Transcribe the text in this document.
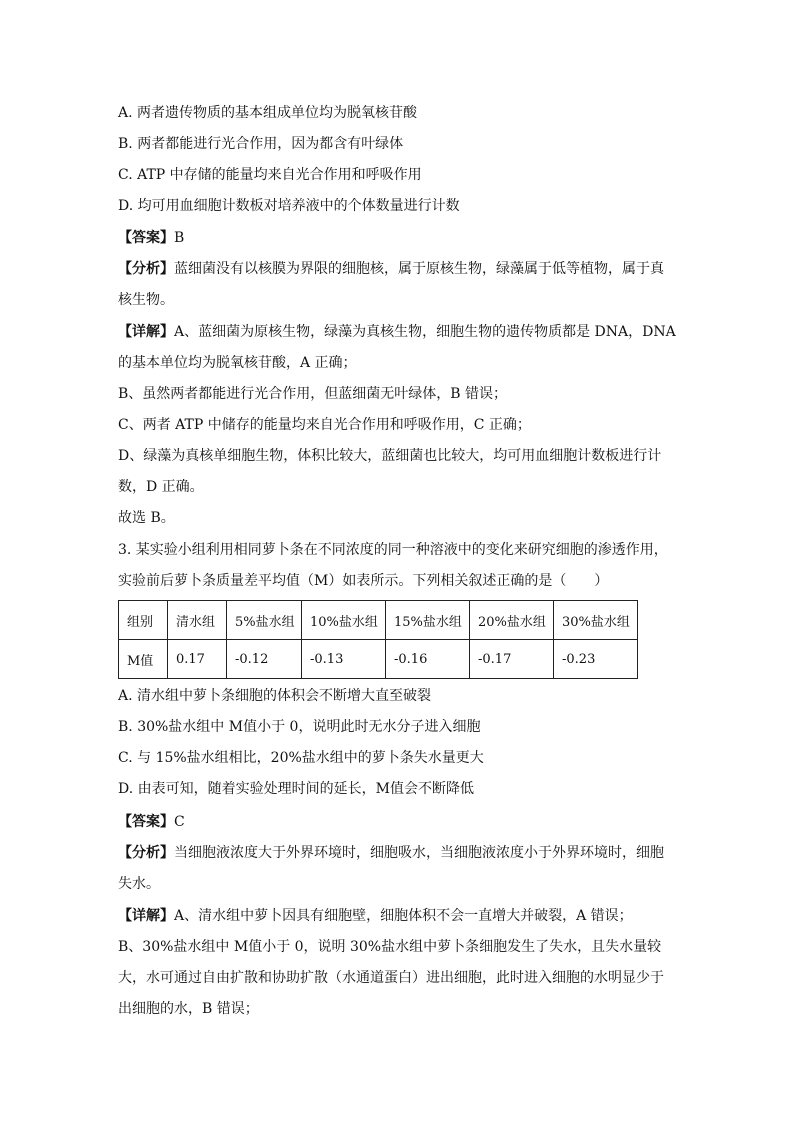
A. 两者遗传物质的基本组成单位均为脱氧核苷酸
B. 两者都能进行光合作用，因为都含有叶绿体
C. ATP 中存储的能量均来自光合作用和呼吸作用
D. 均可用血细胞计数板对培养液中的个体数量进行计数
【答案】B
【分析】蓝细菌没有以核膜为界限的细胞核，属于原核生物，绿藻属于低等植物，属于真
核生物。
【详解】A、蓝细菌为原核生物，绿藻为真核生物，细胞生物的遗传物质都是 DNA，DNA
的基本单位均为脱氧核苷酸，A 正确；
B、虽然两者都能进行光合作用，但蓝细菌无叶绿体，B 错误；
C、两者 ATP 中储存的能量均来自光合作用和呼吸作用，C 正确；
D、绿藻为真核单细胞生物，体积比较大，蓝细菌也比较大，均可用血细胞计数板进行计
数，D 正确。
故选 B。
3. 某实验小组利用相同萝卜条在不同浓度的同一种溶液中的变化来研究细胞的渗透作用，
实验前后萝卜条质量差平均值（M）如表所示。下列相关叙述正确的是（　　）
组别	清水组	5%盐水组	10%盐水组	15%盐水组	20%盐水组	30%盐水组
M值	0.17	-0.12	-0.13	-0.16	-0.17	-0.23
A. 清水组中萝卜条细胞的体积会不断增大直至破裂
B. 30%盐水组中 M值小于 0，说明此时无水分子进入细胞
C. 与 15%盐水组相比，20%盐水组中的萝卜条失水量更大
D. 由表可知，随着实验处理时间的延长，M值会不断降低
【答案】C
【分析】当细胞液浓度大于外界环境时，细胞吸水，当细胞液浓度小于外界环境时，细胞
失水。
【详解】A、清水组中萝卜因具有细胞壁，细胞体积不会一直增大并破裂，A 错误；
B、30%盐水组中 M值小于 0，说明 30%盐水组中萝卜条细胞发生了失水，且失水量较
大，水可通过自由扩散和协助扩散（水通道蛋白）进出细胞，此时进入细胞的水明显少于
出细胞的水，B 错误；
